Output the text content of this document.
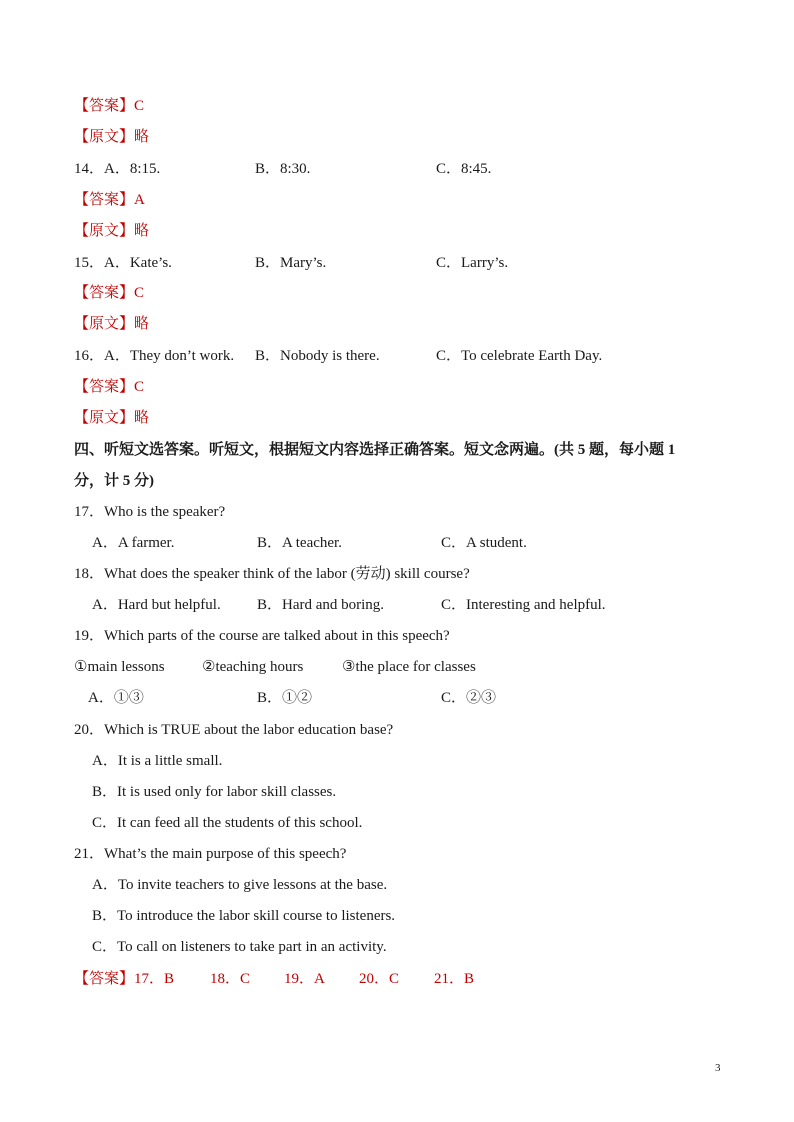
【答案】C
【原文】略
14．A．8:15.	B．8:30.	C．8:45.
【答案】A
【原文】略
15．A．Kate’s.	B．Mary’s.	C．Larry’s.
【答案】C
【原文】略
16．A．They don’t work. B．Nobody is there.	C．To celebrate Earth Day.
【答案】C
【原文】略
四、听短文选答案。听短文，根据短文内容选择正确答案。短文念两遍。(共 5 题，每小题 1
分，计 5 分)
17．Who is the speaker?
A．A farmer.	B．A teacher.	C．A student.
18．What does the speaker think of the labor (劳动) skill course?
A．Hard but helpful. B．Hard and boring.	C．Interesting and helpful.
19．Which parts of the course are talked about in this speech?
①main lessons ②teaching hours	③the place for classes
A．①③	B．①②	C．②③
20．Which is TRUE about the labor education base?
A．It is a little small.
B．It is used only for labor skill classes.
C．It can feed all the students of this school.
21．What’s the main purpose of this speech?
A．To invite teachers to give lessons at the base.
B．To introduce the labor skill course to listeners.
C．To call on listeners to take part in an activity.
【答案】 17．B 18．C 19．A 20．C 21．B
3
